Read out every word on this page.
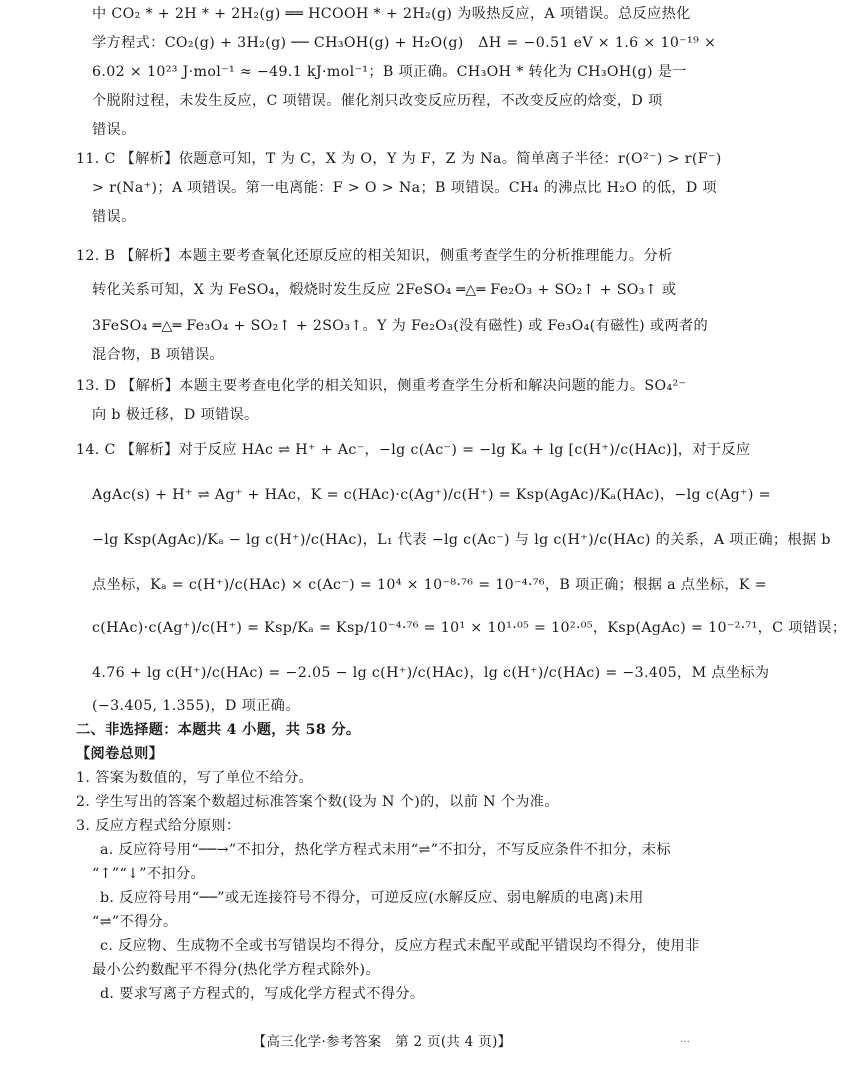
中 CO₂ * + 2H * + 2H₂(g) ══ HCOOH * + 2H₂(g) 为吸热反应，A 项错误。总反应热化
学方程式：CO₂(g) + 3H₂(g) ── CH₃OH(g) + H₂O(g)　ΔH = −0.51 eV × 1.6 × 10⁻¹⁹ ×
6.02 × 10²³ J·mol⁻¹ ≈ −49.1 kJ·mol⁻¹；B 项正确。CH₃OH * 转化为 CH₃OH(g) 是一
个脱附过程，未发生反应，C 项错误。催化剂只改变反应历程，不改变反应的焓变，D 项
错误。
11. C 【解析】依题意可知，T 为 C，X 为 O，Y 为 F，Z 为 Na。简单离子半径：r(O²⁻) > r(F⁻)
> r(Na⁺)；A 项错误。第一电离能：F > O > Na；B 项错误。CH₄ 的沸点比 H₂O 的低，D 项
错误。
12. B 【解析】本题主要考查氧化还原反应的相关知识，侧重考查学生的分析推理能力。分析
转化关系可知，X 为 FeSO₄，煅烧时发生反应 2FeSO₄ ═△═ Fe₂O₃ + SO₂↑ + SO₃↑ 或
3FeSO₄ ═△═ Fe₃O₄ + SO₂↑ + 2SO₃↑。Y 为 Fe₂O₃(没有磁性) 或 Fe₃O₄(有磁性) 或两者的
混合物，B 项错误。
13. D 【解析】本题主要考查电化学的相关知识，侧重考查学生分析和解决问题的能力。SO₄²⁻
向 b 极迁移，D 项错误。
14. C 【解析】对于反应 HAc ⇌ H⁺ + Ac⁻，−lg c(Ac⁻) = −lg Kₐ + lg [c(H⁺)/c(HAc)]，对于反应
AgAc(s) + H⁺ ⇌ Ag⁺ + HAc，K = c(HAc)·c(Ag⁺)/c(H⁺) = Ksp(AgAc)/Kₐ(HAc)，−lg c(Ag⁺) =
−lg Ksp(AgAc)/Kₐ − lg c(H⁺)/c(HAc)，L₁ 代表 −lg c(Ac⁻) 与 lg c(H⁺)/c(HAc) 的关系，A 项正确；根据 b
点坐标，Kₐ = c(H⁺)/c(HAc) × c(Ac⁻) = 10⁴ × 10⁻⁸·⁷⁶ = 10⁻⁴·⁷⁶，B 项正确；根据 a 点坐标，K =
c(HAc)·c(Ag⁺)/c(H⁺) = Ksp/Kₐ = Ksp/10⁻⁴·⁷⁶ = 10¹ × 10¹·⁰⁵ = 10²·⁰⁵，Ksp(AgAc) = 10⁻²·⁷¹，C 项错误；
4.76 + lg c(H⁺)/c(HAc) = −2.05 − lg c(H⁺)/c(HAc)，lg c(H⁺)/c(HAc) = −3.405，M 点坐标为
(−3.405, 1.355)，D 项正确。
二、非选择题：本题共 4 小题，共 58 分。
【阅卷总则】
1. 答案为数值的，写了单位不给分。
2. 学生写出的答案个数超过标准答案个数(设为 N 个)的，以前 N 个为准。
3. 反应方程式给分原则：
a. 反应符号用“──→”不扣分，热化学方程式未用“⇌”不扣分，不写反应条件不扣分，未标
“↑”“↓”不扣分。
b. 反应符号用“──”或无连接符号不得分，可逆反应(水解反应、弱电解质的电离)未用
“⇌”不得分。
c. 反应物、生成物不全或书写错误均不得分，反应方程式未配平或配平错误均不得分，使用非
最小公约数配平不得分(热化学方程式除外)。
d. 要求写离子方程式的，写成化学方程式不得分。
【高三化学·参考答案　第 2 页(共 4 页)】	…
